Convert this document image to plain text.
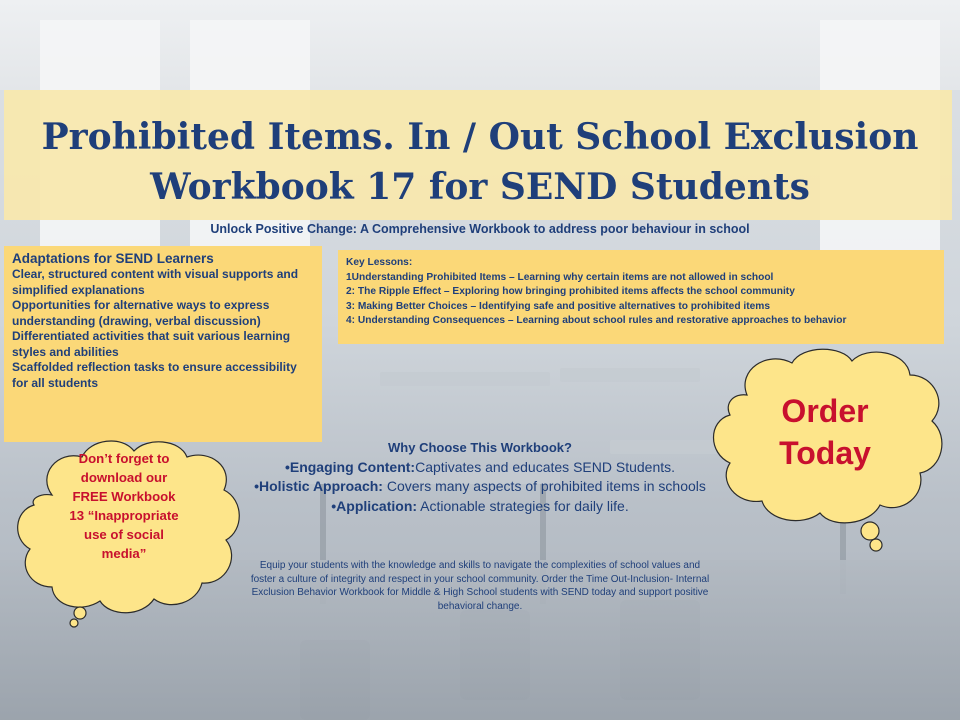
Prohibited Items. In / Out School Exclusion
Workbook 17 for SEND Students
Unlock Positive Change: A Comprehensive Workbook to address poor behaviour in school
Adaptations for SEND Learners
Clear, structured content with visual supports and simplified explanations
Opportunities for alternative ways to express understanding (drawing, verbal discussion)
Differentiated activities that suit various learning styles and abilities
Scaffolded reflection tasks to ensure accessibility for all students
Key Lessons:
1Understanding Prohibited Items – Learning why certain items are not allowed in school
2: The Ripple Effect – Exploring how bringing prohibited items affects the school community
3: Making Better Choices – Identifying safe and positive alternatives to prohibited items
4: Understanding Consequences – Learning about school rules and restorative approaches to behavior
Why Choose This Workbook?
•Engaging Content:Captivates and educates SEND Students.
•Holistic Approach: Covers many aspects of prohibited items in schools
•Application: Actionable strategies for daily life.
Equip your students with the knowledge and skills to navigate the complexities of school values and foster a culture of integrity and respect in your school community. Order the Time Out-Inclusion- Internal Exclusion Behavior Workbook for Middle & High School students with SEND today and support positive behavioral change.
Don’t forget to
download our
FREE Workbook
13 “Inappropriate
use of social
media”
Order
Today
